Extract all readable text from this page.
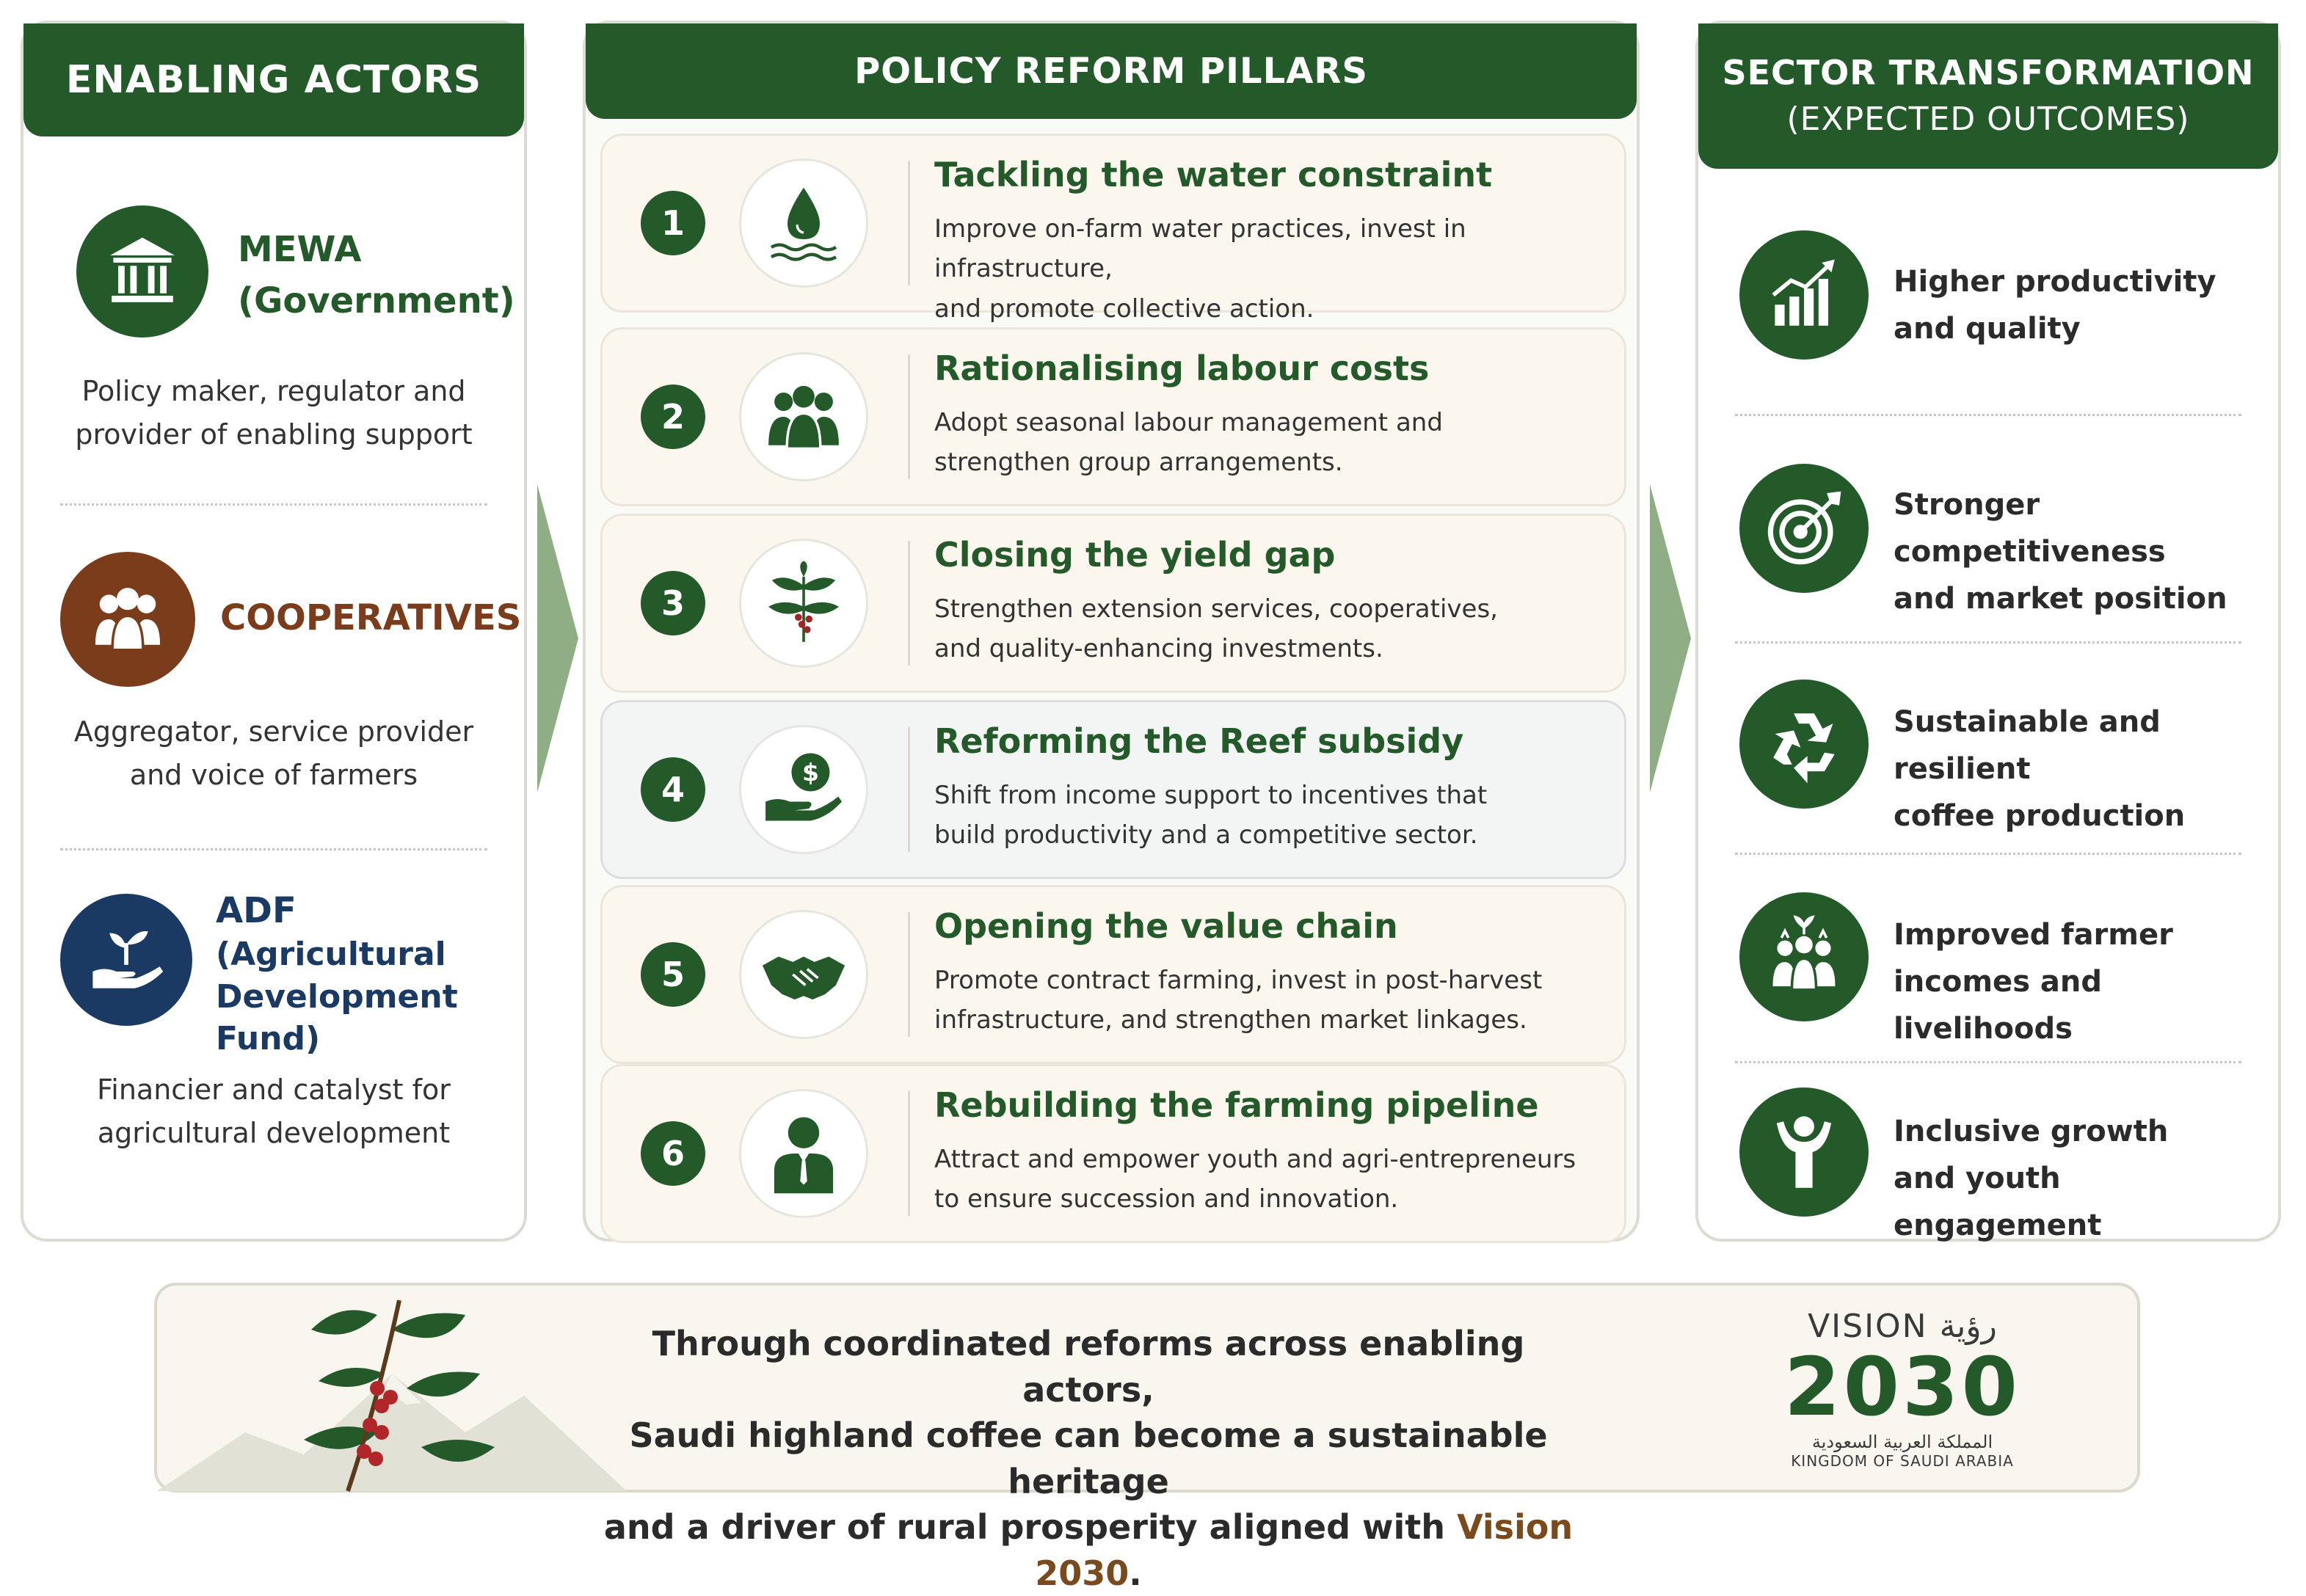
ENABLING ACTORS
MEWA
(Government)
Policy maker, regulator and
provider of enabling support
COOPERATIVES
Aggregator, service provider
and voice of farmers
ADF
(Agricultural
Development Fund)
Financier and catalyst for
agricultural development
POLICY REFORM PILLARS
1
Tackling the water constraint
Improve on-farm water practices, invest in infrastructure,
and promote collective action.
2
Rationalising labour costs
Adopt seasonal labour management and
strengthen group arrangements.
3
Closing the yield gap
Strengthen extension services, cooperatives,
and quality-enhancing investments.
4	$
Reforming the Reef subsidy
Shift from income support to incentives that
build productivity and a competitive sector.
5
Opening the value chain
Promote contract farming, invest in post-harvest
infrastructure, and strengthen market linkages.
6
Rebuilding the farming pipeline
Attract and empower youth and agri-entrepreneurs
to ensure succession and innovation.
SECTOR TRANSFORMATION
(EXPECTED OUTCOMES)
Higher productivity
and quality
Stronger competitiveness
and market position
Sustainable and resilient
coffee production
Improved farmer
incomes and livelihoods
Inclusive growth
and youth engagement
Through coordinated reforms across enabling actors,
Saudi highland coffee can become a sustainable heritage
and a driver of rural prosperity aligned with Vision 2030.
VISION رؤية
2030
المملكة العربية السعودية
KINGDOM OF SAUDI ARABIA
